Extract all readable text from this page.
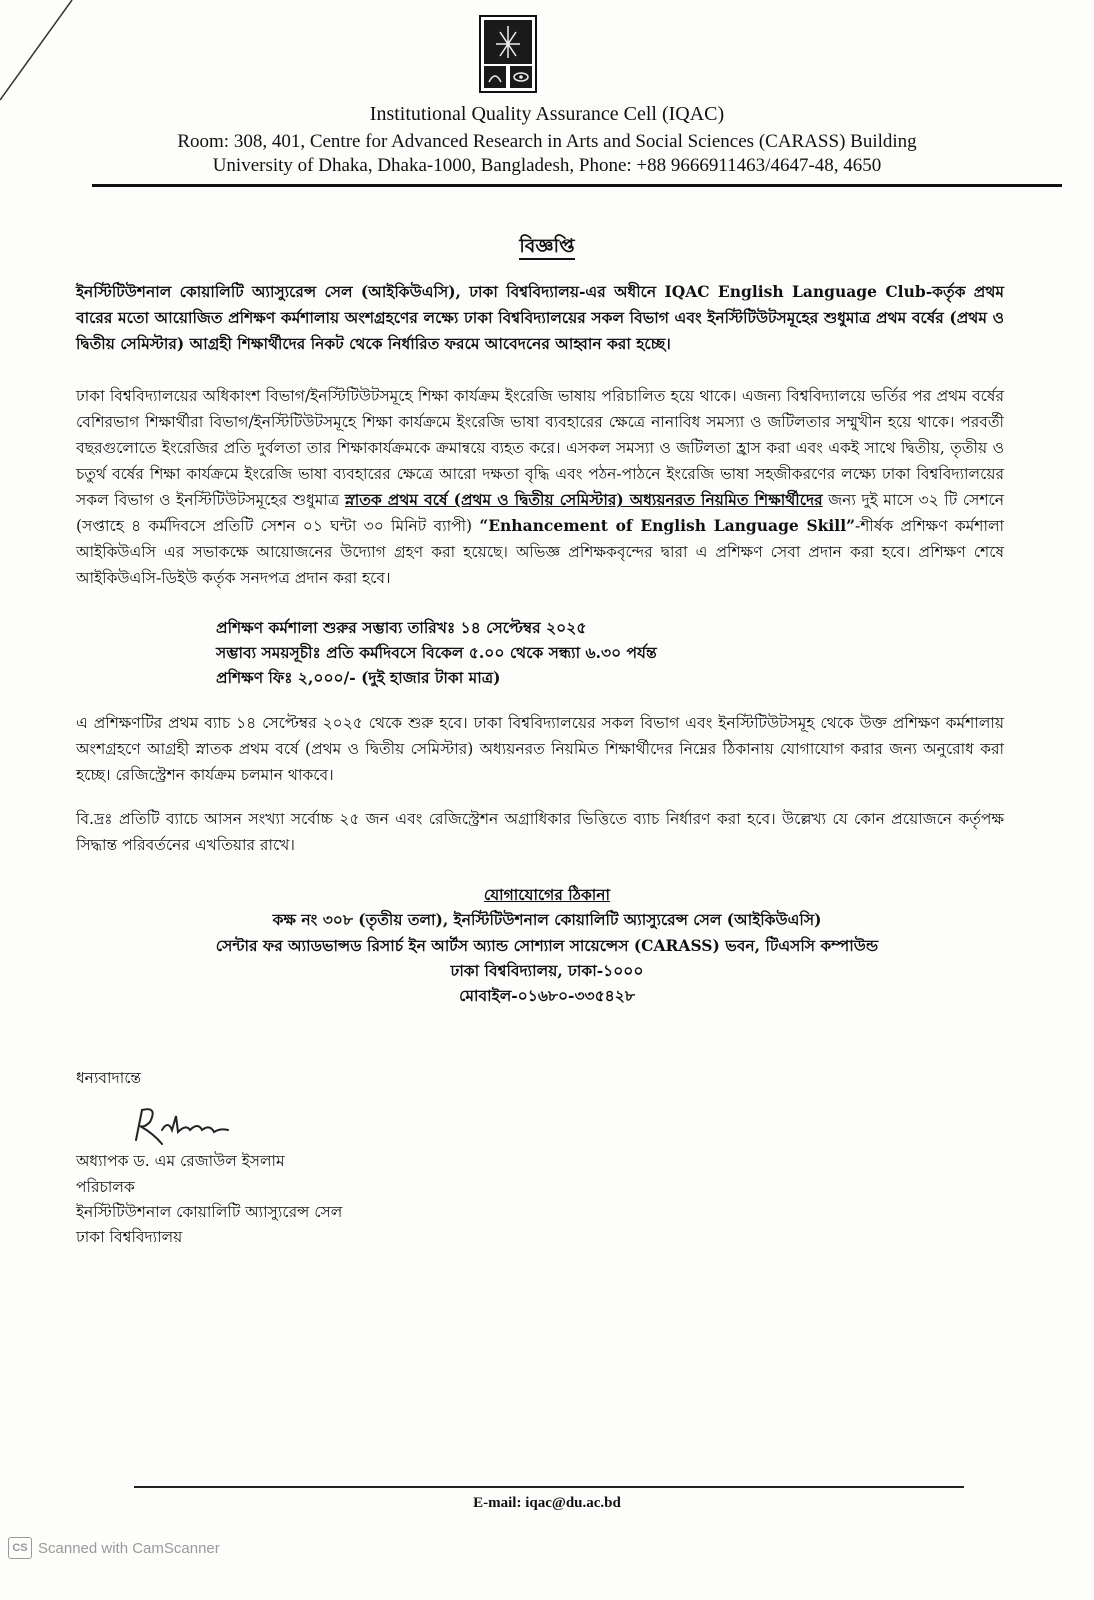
Institutional Quality Assurance Cell (IQAC)
Room: 308, 401, Centre for Advanced Research in Arts and Social Sciences (CARASS) Building
University of Dhaka, Dhaka-1000, Bangladesh, Phone: +88 9666911463/4647-48, 4650
বিজ্ঞপ্তি
ইনস্টিটিউশনাল কোয়ালিটি অ্যাস্যুরেন্স সেল (আইকিউএসি), ঢাকা বিশ্ববিদ্যালয়-এর অধীনে IQAC English Language Club-কর্তৃক প্রথম বারের মতো আয়োজিত প্রশিক্ষণ কর্মশালায় অংশগ্রহণের লক্ষ্যে ঢাকা বিশ্ববিদ্যালয়ের সকল বিভাগ এবং ইনস্টিটিউটসমূহের শুধুমাত্র প্রথম বর্ষের (প্রথম ও দ্বিতীয় সেমিস্টার) আগ্রহী শিক্ষার্থীদের নিকট থেকে নির্ধারিত ফরমে আবেদনের আহ্বান করা হচ্ছে।
ঢাকা বিশ্ববিদ্যালয়ের অধিকাংশ বিভাগ/ইনস্টিটিউটসমূহে শিক্ষা কার্যক্রম ইংরেজি ভাষায় পরিচালিত হয়ে থাকে। এজন্য বিশ্ববিদ্যালয়ে ভর্তির পর প্রথম বর্ষের বেশিরভাগ শিক্ষার্থীরা বিভাগ/ইনস্টিটিউটসমূহে শিক্ষা কার্যক্রমে ইংরেজি ভাষা ব্যবহারের ক্ষেত্রে নানাবিধ সমস্যা ও জটিলতার সম্মুখীন হয়ে থাকে। পরবর্তী বছরগুলোতে ইংরেজির প্রতি দুর্বলতা তার শিক্ষাকার্যক্রমকে ক্রমান্বয়ে ব্যহত করে। এসকল সমস্যা ও জটিলতা হ্রাস করা এবং একই সাথে দ্বিতীয়, তৃতীয় ও চতুর্থ বর্ষের শিক্ষা কার্যক্রমে ইংরেজি ভাষা ব্যবহারের ক্ষেত্রে আরো দক্ষতা বৃদ্ধি এবং পঠন-পাঠনে ইংরেজি ভাষা সহজীকরণের লক্ষ্যে ঢাকা বিশ্ববিদ্যালয়ের সকল বিভাগ ও ইনস্টিটিউটসমূহের শুধুমাত্র স্নাতক প্রথম বর্ষে (প্রথম ও দ্বিতীয় সেমিস্টার) অধ্যয়নরত নিয়মিত শিক্ষার্থীদের জন্য দুই মাসে ৩২ টি সেশনে (সপ্তাহে ৪ কর্মদিবসে প্রতিটি সেশন ০১ ঘন্টা ৩০ মিনিট ব্যাপী) “Enhancement of English Language Skill”-শীর্ষক প্রশিক্ষণ কর্মশালা আইকিউএসি এর সভাকক্ষে আয়োজনের উদ্যোগ গ্রহণ করা হয়েছে। অভিজ্ঞ প্রশিক্ষকবৃন্দের দ্বারা এ প্রশিক্ষণ সেবা প্রদান করা হবে। প্রশিক্ষণ শেষে আইকিউএসি-ডিইউ কর্তৃক সনদপত্র প্রদান করা হবে।
প্রশিক্ষণ কর্মশালা শুরুর সম্ভাব্য তারিখঃ ১৪ সেপ্টেম্বর ২০২৫
সম্ভাব্য সময়সূচীঃ প্রতি কর্মদিবসে বিকেল ৫.০০ থেকে সন্ধ্যা ৬.৩০ পর্যন্ত
প্রশিক্ষণ ফিঃ ২,০০০/- (দুই হাজার টাকা মাত্র)
এ প্রশিক্ষণটির প্রথম ব্যাচ ১৪ সেপ্টেম্বর ২০২৫ থেকে শুরু হবে। ঢাকা বিশ্ববিদ্যালয়ের সকল বিভাগ এবং ইনস্টিটিউটসমূহ থেকে উক্ত প্রশিক্ষণ কর্মশালায় অংশগ্রহণে আগ্রহী স্নাতক প্রথম বর্ষে (প্রথম ও দ্বিতীয় সেমিস্টার) অধ্যয়নরত নিয়মিত শিক্ষার্থীদের নিম্নের ঠিকানায় যোগাযোগ করার জন্য অনুরোধ করা হচ্ছে। রেজিস্ট্রেশন কার্যক্রম চলমান থাকবে।
বি.দ্রঃ প্রতিটি ব্যাচে আসন সংখ্যা সর্বোচ্চ ২৫ জন এবং রেজিস্ট্রেশন অগ্রাধিকার ভিত্তিতে ব্যাচ নির্ধারণ করা হবে। উল্লেখ্য যে কোন প্রয়োজনে কর্তৃপক্ষ সিদ্ধান্ত পরিবর্তনের এখতিয়ার রাখে।
যোগাযোগের ঠিকানা
কক্ষ নং ৩০৮ (তৃতীয় তলা), ইনস্টিটিউশনাল কোয়ালিটি অ্যাস্যুরেন্স সেল (আইকিউএসি)
সেন্টার ফর অ্যাডভান্সড রিসার্চ ইন আর্টস অ্যান্ড সোশ্যাল সায়েন্সেস (CARASS) ভবন, টিএসসি কম্পাউন্ড
ঢাকা বিশ্ববিদ্যালয়, ঢাকা-১০০০
মোবাইল-০১৬৮০-৩৩৫৪২৮
ধন্যবাদান্তে
অধ্যাপক ড. এম রেজাউল ইসলাম
পরিচালক
ইনস্টিটিউশনাল কোয়ালিটি অ্যাস্যুরেন্স সেল
ঢাকা বিশ্ববিদ্যালয়
E-mail: iqac@du.ac.bd
CS Scanned with CamScanner
